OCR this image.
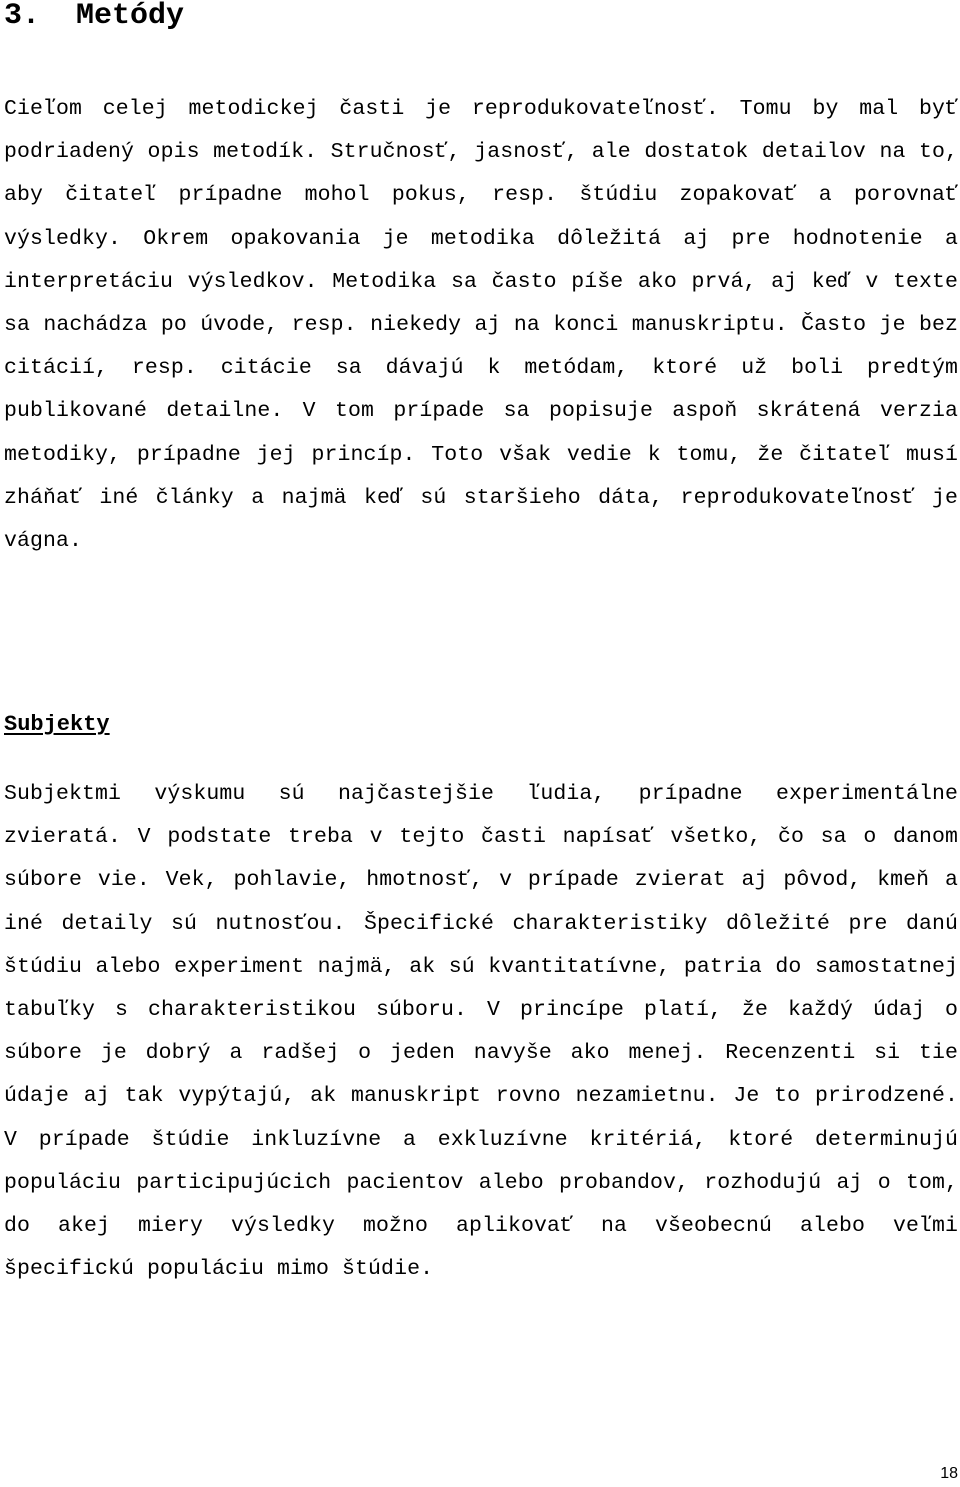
3. Metódy

Cieľom celej metodickej časti je reprodukovateľnosť. Tomu by mal byť podriadený opis metodík. Stručnosť, jasnosť, ale dostatok detailov na to, aby čitateľ prípadne mohol pokus, resp. štúdiu zopakovať a porovnať výsledky. Okrem opakovania je metodika dôležitá aj pre hodnotenie a interpretáciu výsledkov. Metodika sa často píše ako prvá, aj keď v texte sa nachádza po úvode, resp. niekedy aj na konci manuskriptu. Často je bez citácií, resp. citácie sa dávajú k metódam, ktoré už boli predtým publikované detailne. V tom prípade sa popisuje aspoň skrátená verzia metodiky, prípadne jej princíp. Toto však vedie k tomu, že čitateľ musí zháňať iné články a najmä keď sú staršieho dáta, reprodukovateľnosť je vágna.

Subjekty

Subjektmi výskumu sú najčastejšie ľudia, prípadne experimentálne zvieratá. V podstate treba v tejto časti napísať všetko, čo sa o danom súbore vie. Vek, pohlavie, hmotnosť, v prípade zvierat aj pôvod, kmeň a iné detaily sú nutnosťou. Špecifické charakteristiky dôležité pre danú štúdiu alebo experiment najmä, ak sú kvantitatívne, patria do samostatnej tabuľky s charakteristikou súboru. V princípe platí, že každý údaj o súbore je dobrý a radšej o jeden navyše ako menej. Recenzenti si tie údaje aj tak vypýtajú, ak manuskript rovno nezamietnu. Je to prirodzené. V prípade štúdie inkluzívne a exkluzívne kritériá, ktoré determinujú populáciu participujúcich pacientov alebo probandov, rozhodujú aj o tom, do akej miery výsledky možno aplikovať na všeobecnú alebo veľmi špecifickú populáciu mimo štúdie.

18
